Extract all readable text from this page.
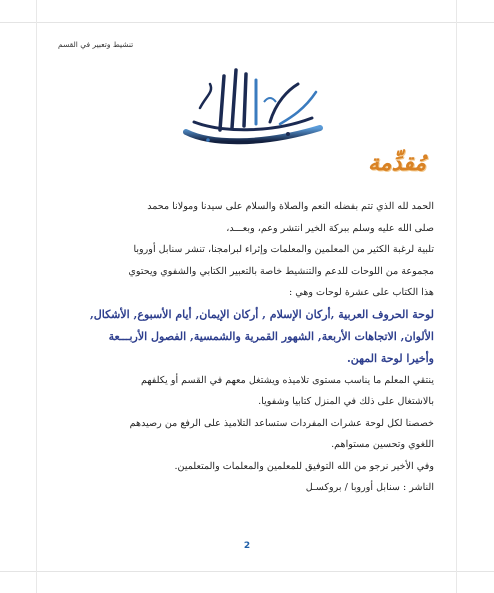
تنشيط وتعبير في القسم
مُقدِّمة
الحمد لله الذي تتم بفضله النعم والصلاة والسلام على سيدنا ومولانا محمد
صلى الله عليه وسلم ببركة الخير انتشر وعم، وبعـــد،
تلبية لرغبة الكثير من المعلمين والمعلمات وإثراء لبرامجنا، تنشر سنابل أوروبا
مجموعة من اللوحات للدعم والتنشيط خاصة بالتعبير الكتابي والشفوي ويحتوي
هذا الكتاب على عشرة لوحات وهي :
لوحة الحروف العربية ,أركان الإسلام , أركان الإيمان, أيام الأسبوع, الأشكال,
الألوان, الاتجاهات الأربعة, الشهور القمرية والشمسية, الفصول الأربـــعة
وأخيرا لوحة المهن.
ينتقي المعلم ما يناسب مستوى تلاميذه ويشتغل معهم في القسم أو يكلفهم
بالاشتغال على ذلك في المنزل كتابيا وشفويا.
خصصنا لكل لوحة عشرات المفردات ستساعد التلاميذ على الرفع من رصيدهم
اللغوي وتحسين مستواهم.
وفي الأخير نرجو من الله التوفيق للمعلمين والمعلمات والمتعلمين.
الناشر : سنابل أوروبا / بروكسـل
2
